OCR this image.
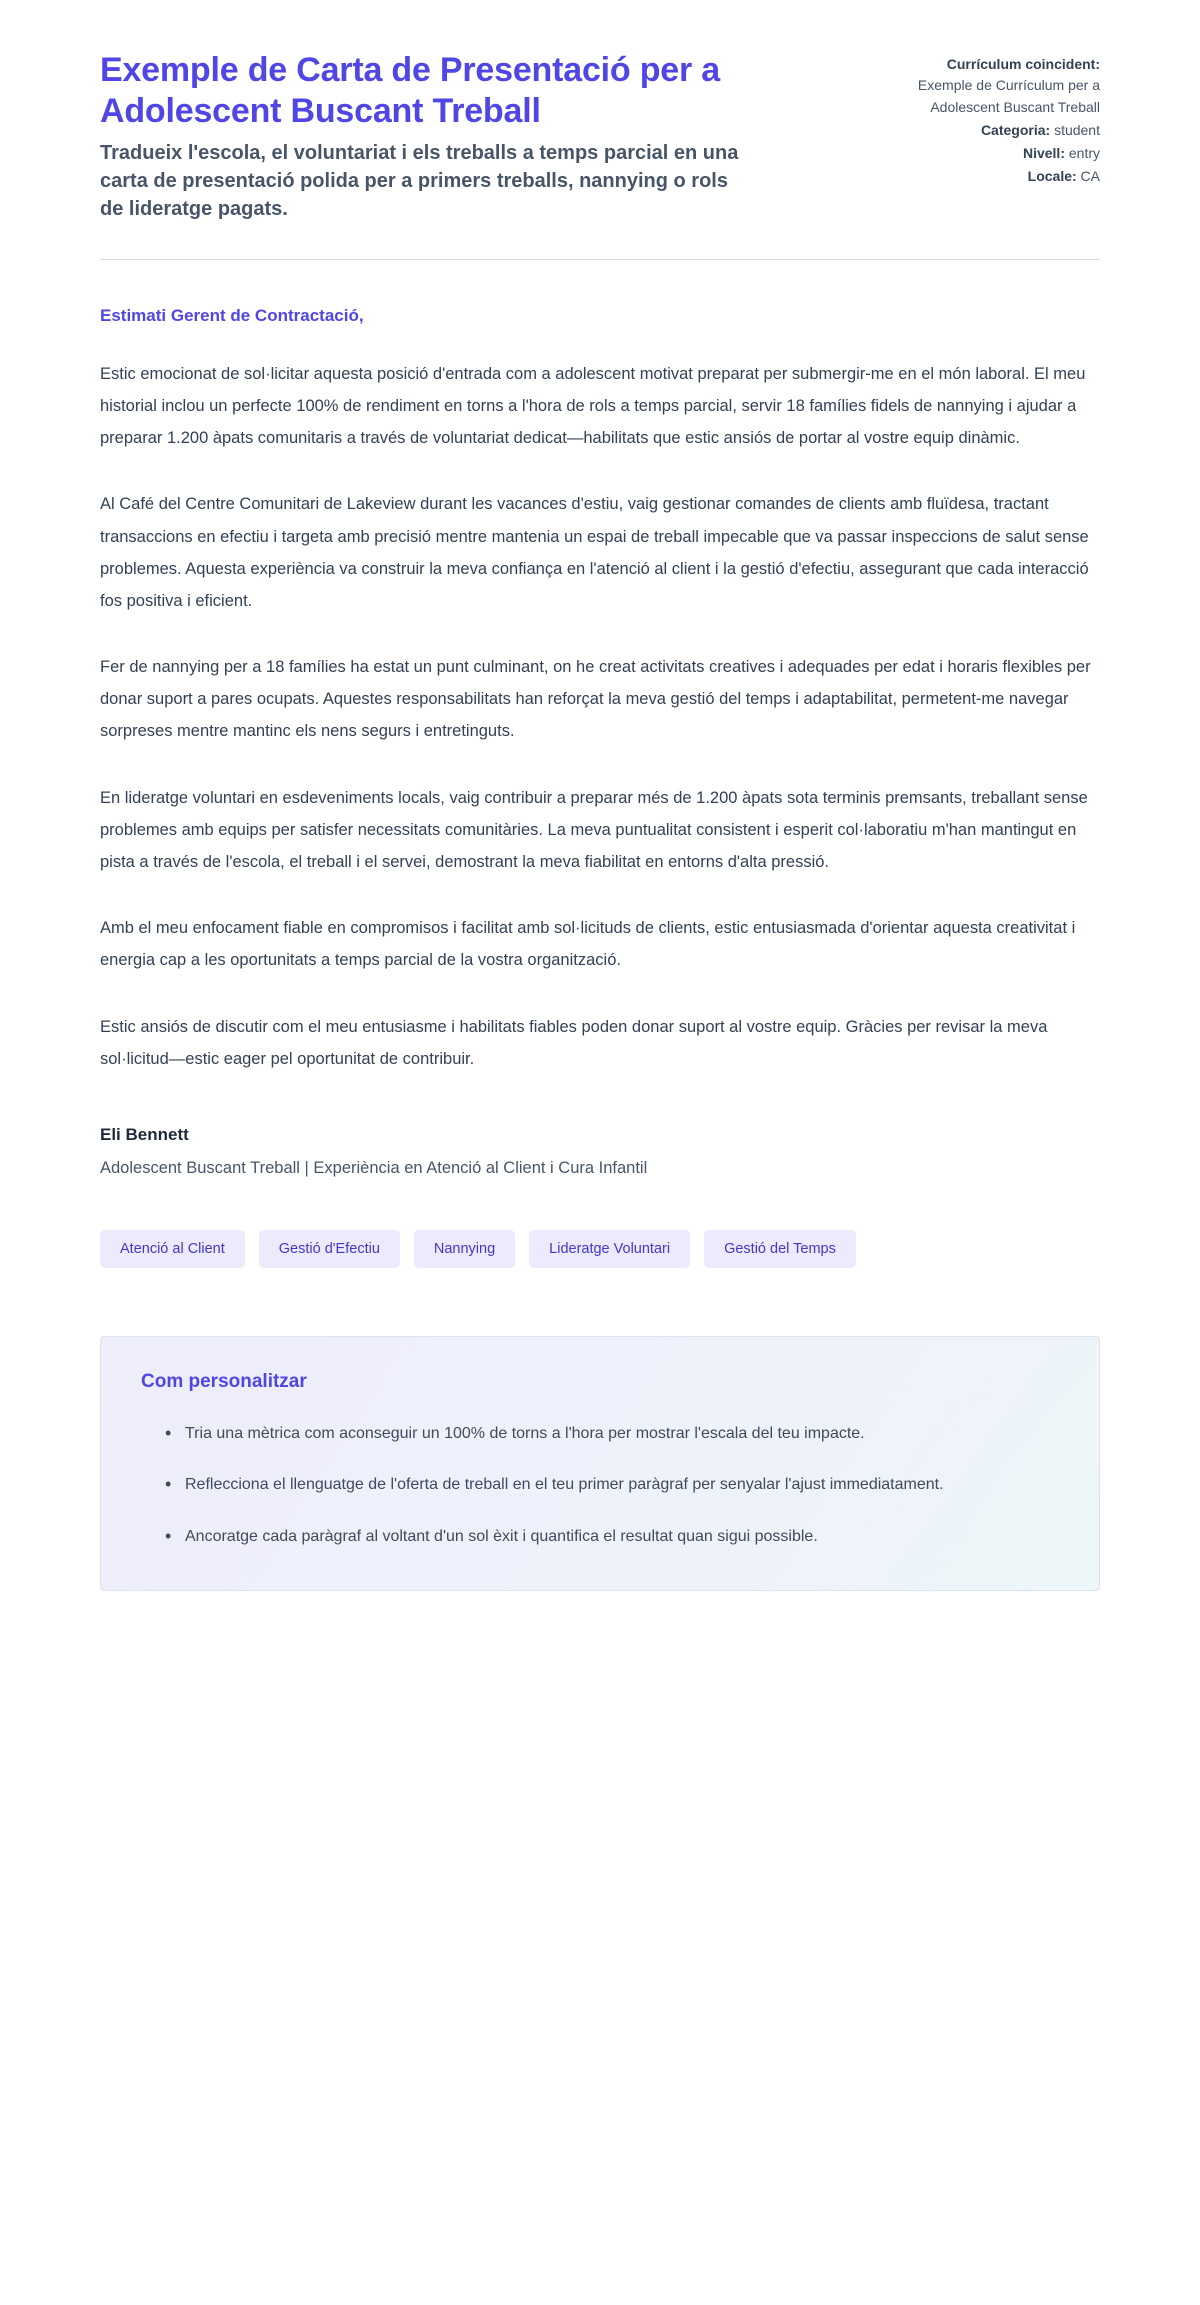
Exemple de Carta de Presentació per a Adolescent Buscant Treball

Tradueix l'escola, el voluntariat i els treballs a temps parcial en una carta de presentació polida per a primers treballs, nannying o rols de lideratge pagats.

Currículum coincident:
Exemple de Currículum per a Adolescent Buscant Treball
Categoria: student
Nivell: entry
Locale: CA

Estimati Gerent de Contractació,

Estic emocionat de sol·licitar aquesta posició d'entrada com a adolescent motivat preparat per submergir-me en el món laboral. El meu historial inclou un perfecte 100% de rendiment en torns a l'hora de rols a temps parcial, servir 18 famílies fidels de nannying i ajudar a preparar 1.200 àpats comunitaris a través de voluntariat dedicat—habilitats que estic ansiós de portar al vostre equip dinàmic.

Al Café del Centre Comunitari de Lakeview durant les vacances d'estiu, vaig gestionar comandes de clients amb fluïdesa, tractant transaccions en efectiu i targeta amb precisió mentre mantenia un espai de treball impecable que va passar inspeccions de salut sense problemes. Aquesta experiència va construir la meva confiança en l'atenció al client i la gestió d'efectiu, assegurant que cada interacció fos positiva i eficient.

Fer de nannying per a 18 famílies ha estat un punt culminant, on he creat activitats creatives i adequades per edat i horaris flexibles per donar suport a pares ocupats. Aquestes responsabilitats han reforçat la meva gestió del temps i adaptabilitat, permetent-me navegar sorpreses mentre mantinc els nens segurs i entretinguts.

En lideratge voluntari en esdeveniments locals, vaig contribuir a preparar més de 1.200 àpats sota terminis premsants, treballant sense problemes amb equips per satisfer necessitats comunitàries. La meva puntualitat consistent i esperit col·laboratiu m'han mantingut en pista a través de l'escola, el treball i el servei, demostrant la meva fiabilitat en entorns d'alta pressió.

Amb el meu enfocament fiable en compromisos i facilitat amb sol·licituds de clients, estic entusiasmada d'orientar aquesta creativitat i energia cap a les oportunitats a temps parcial de la vostra organització.

Estic ansiós de discutir com el meu entusiasme i habilitats fiables poden donar suport al vostre equip. Gràcies per revisar la meva sol·licitud—estic eager pel oportunitat de contribuir.

Eli Bennett

Adolescent Buscant Treball | Experiència en Atenció al Client i Cura Infantil

Atenció al Client	Gestió d'Efectiu	Nannying	Lideratge Voluntari	Gestió del Temps
Com personalitzar
• Tria una mètrica com aconseguir un 100% de torns a l'hora per mostrar l'escala del teu impacte.
• Reflecciona el llenguatge de l'oferta de treball en el teu primer paràgraf per senyalar l'ajust immediatament.
• Ancoratge cada paràgraf al voltant d'un sol èxit i quantifica el resultat quan sigui possible.
